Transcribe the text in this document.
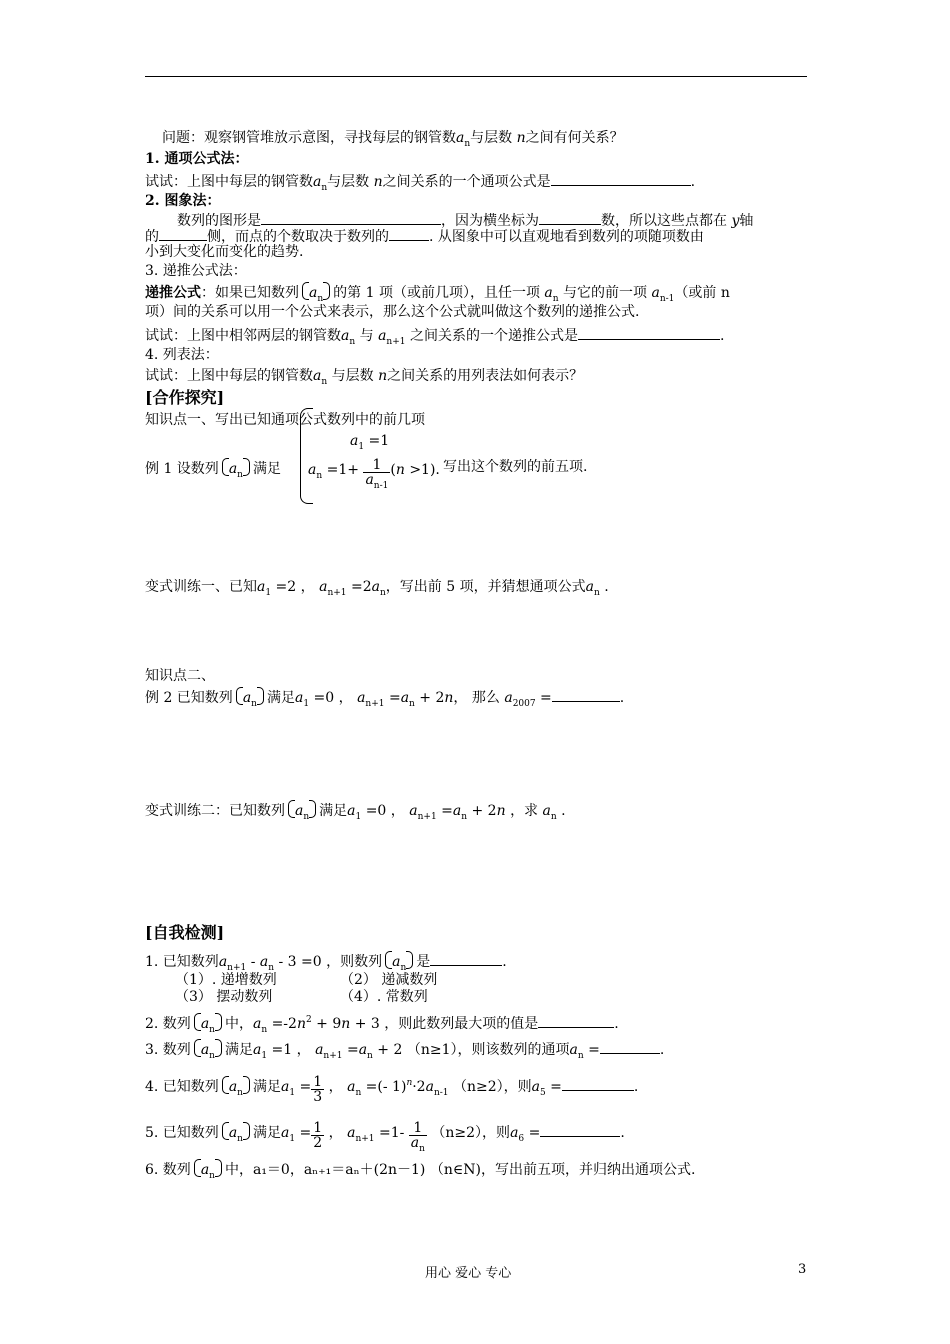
问题：观察钢管堆放示意图，寻找每层的钢管数$a_n$与层数 n之间有何关系？
1. 通项公式法：
试试：上图中每层的钢管数$a_n$与层数 n之间关系的一个通项公式是	.
2. 图象法：
数列的图形是	，因为横坐标为	数，所以这些点都在 y轴
的	侧，而点的个数取决于数列的	. 从图象中可以直观地看到数列的项随项数由
小到大变化而变化的趋势.
3. 递推公式法：
递推公式：如果已知数列 $a_n$ 的第 1 项（或前几项），且任一项 $a_n$ 与它的前一项 $a_{n-1}$（或前 n
项）间的关系可以用一个公式来表示，那么这个公式就叫做这个数列的递推公式.
试试：上图中相邻两层的钢管数$a_n$ 与 $a_{n+1}$ 之间关系的一个递推公式是	.
4. 列表法：
试试：上图中每层的钢管数$a_n$ 与层数 n之间关系的用列表法如何表示？
[合作探究]
知识点一、写出已知通项公式数列中的前几项
例 1 设数列 $a_n$ 满足
$a_1 =1$
$a_n =1+ \frac{1}{a_{n-1}} (n >1)$. 写出这个数列的前五项.
变式训练一、已知$a_1 =2$ ， $a_{n+1} =2a_n$，写出前 5 项，并猜想通项公式$a_n$ .
知识点二、
例 2 已知数列 $a_n$ 满足$a_1 =0$ ， $a_{n+1} =a_n + 2n$， 那么 $a_{2007}$ =	.
变式训练二：已知数列 $a_n$ 满足$a_1 =0$ ， $a_{n+1} =a_n + 2n$ ，求 $a_n$ .
[自我检测]
1. 已知数列$a_{n+1} - a_n - 3 =0$ ，则数列 $a_n$ 是	.
（1）. 递增数列	（2） 递减数列
（3） 摆动数列	（4）. 常数列
2. 数列 $a_n$ 中，$a_n =-2n^2 + 9n + 3$ ，则此数列最大项的值是	.
3. 数列 $a_n$ 满足$a_1 =1$ ， $a_{n+1} =a_n + 2$ （n≥1），则该数列的通项$a_n$ =	.
4. 已知数列 $a_n$ 满足$a_1 = \frac{1}{3}$ ， $a_n$ =(- $1)^n\cdot 2a_{n-1}$ （n≥2），则$a_5$ =	.
5. 已知数列 $a_n$ 满足$a_1 = \frac{1}{2}$ ， $a_{n+1} =1- \frac{1}{a_n} (n\ge 2)$，则$a_6$ =	.
6. 数列 $a_n$ 中，a₁＝0，aₙ₊₁＝aₙ＋(2n－1) （n∈N)，写出前五项，并归纳出通项公式.
用心 爱心 专心	3
